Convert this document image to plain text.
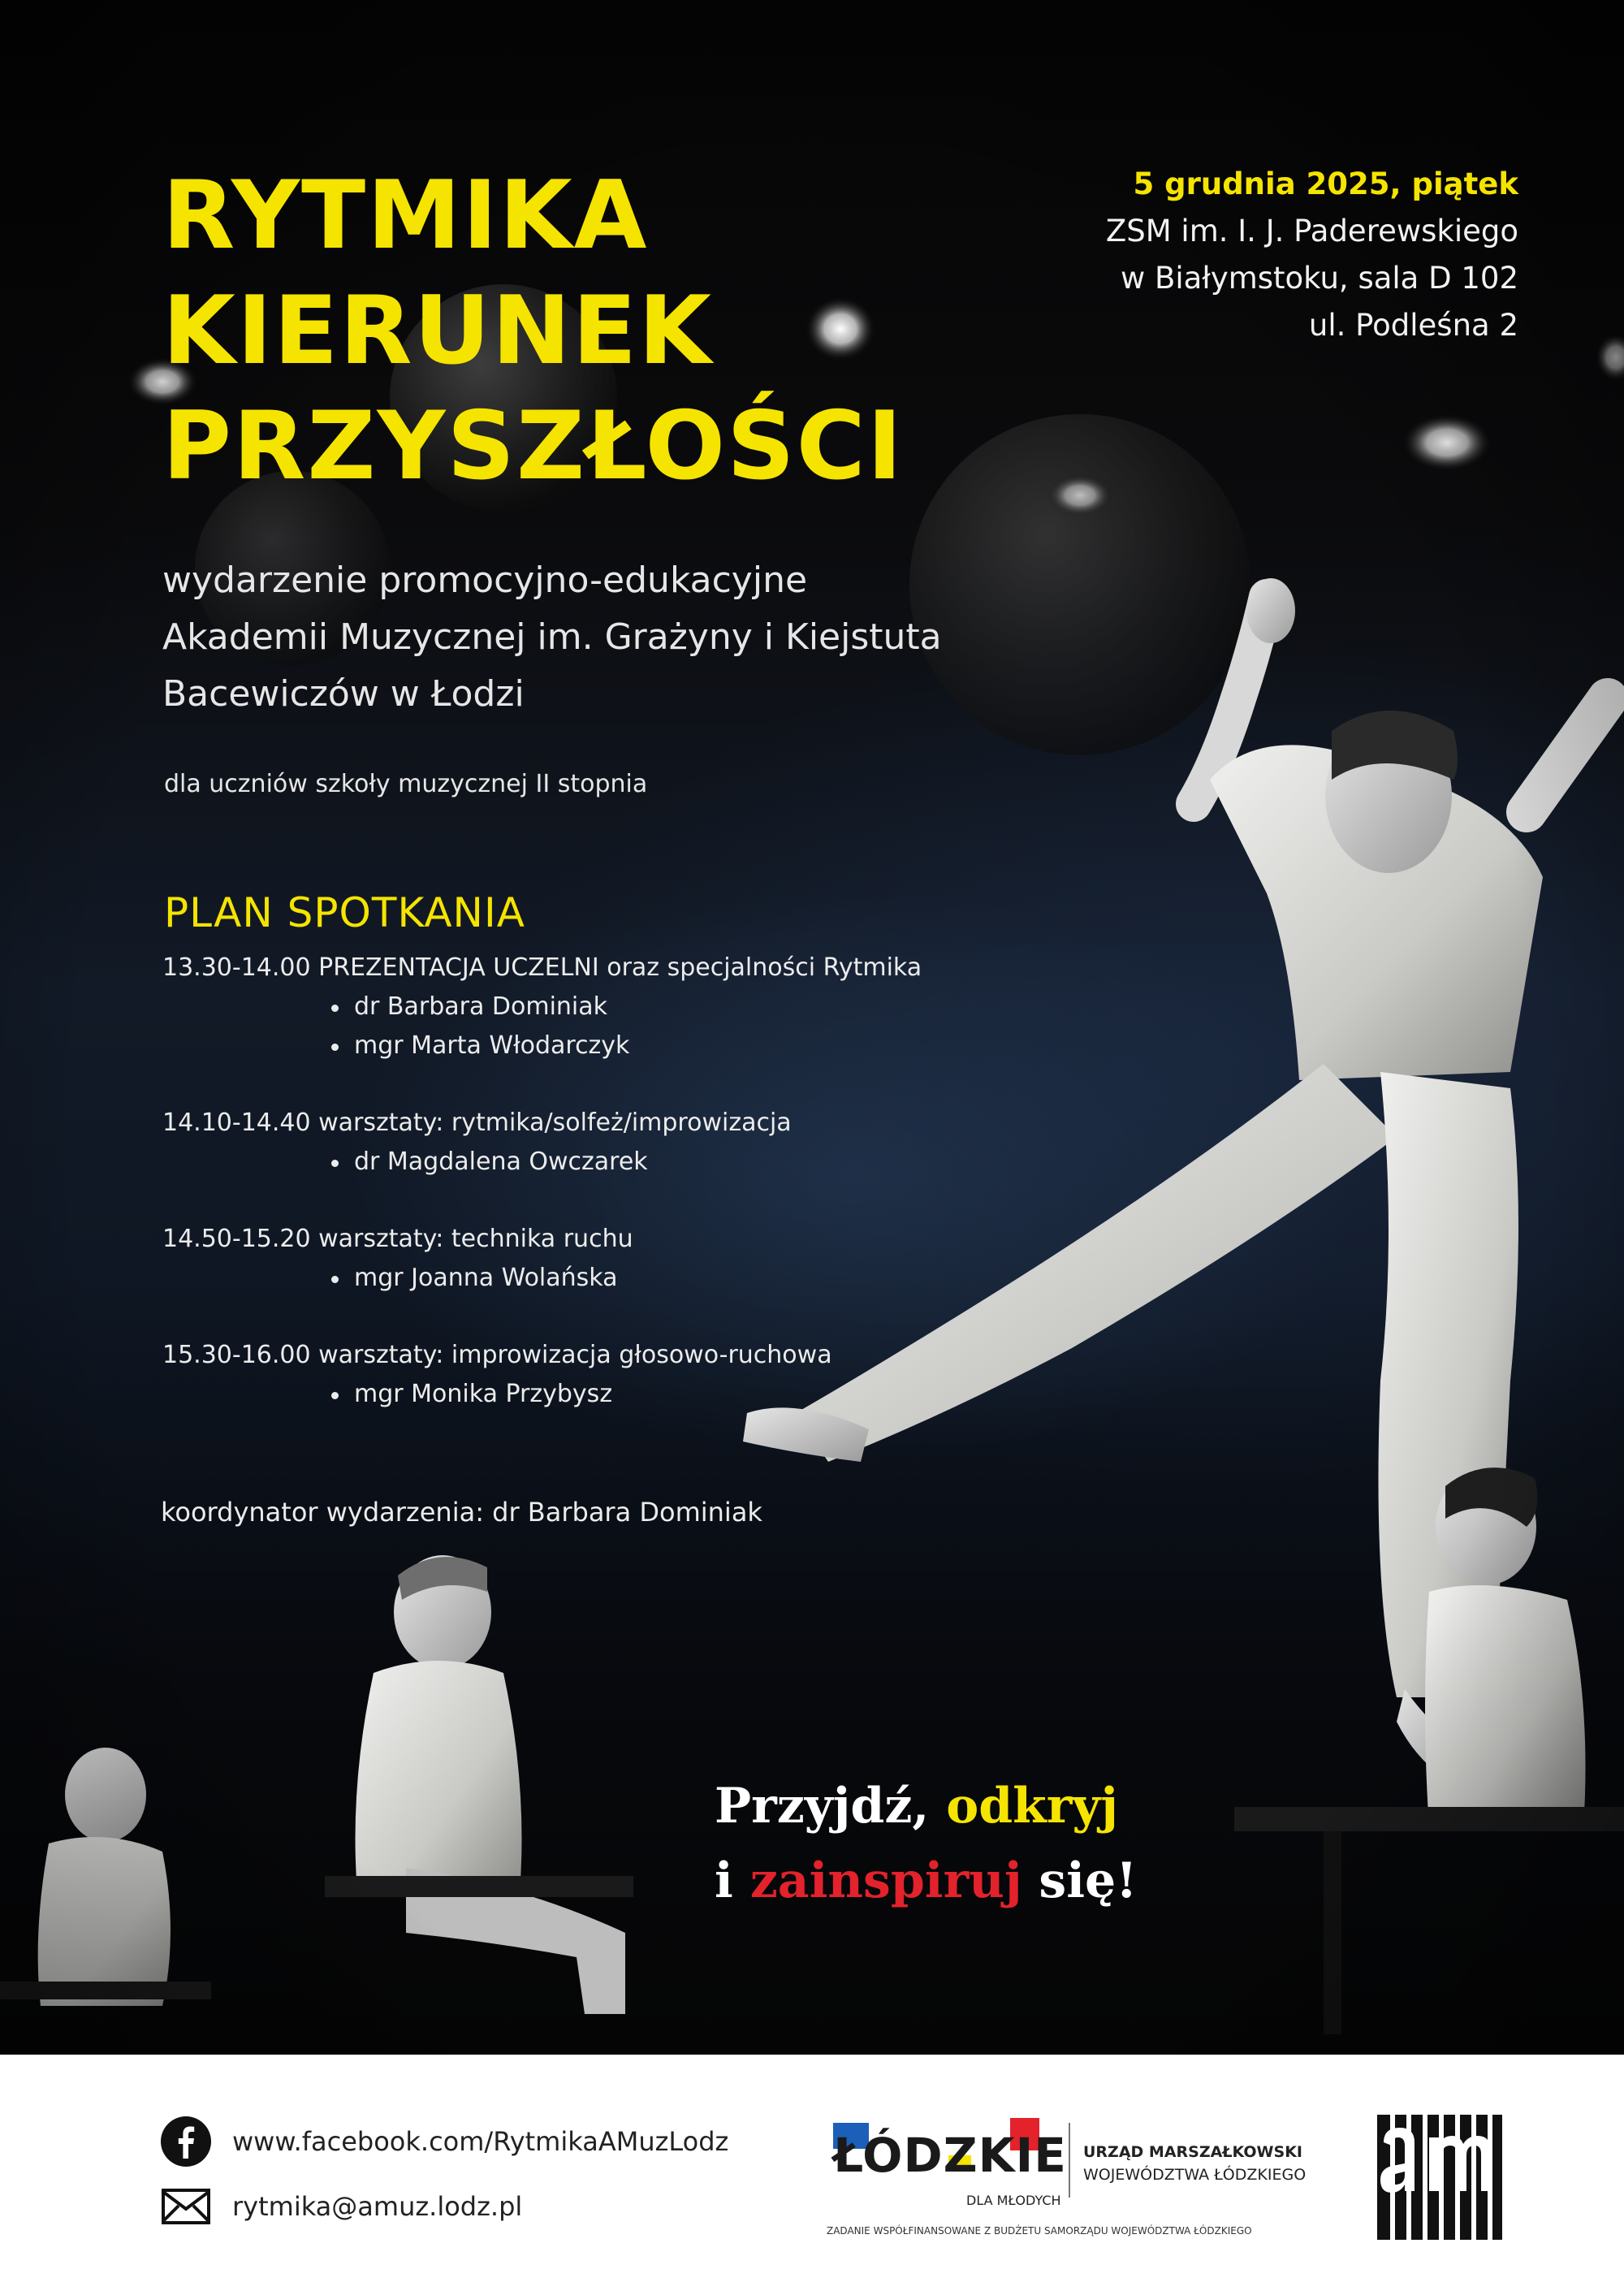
RYTMIKA
KIERUNEK
PRZYSZŁOŚCI
5 grudnia 2025, piątek
ZSM im. I. J. Paderewskiego
w Białymstoku, sala D 102
ul. Podleśna 2
wydarzenie promocyjno-edukacyjne
Akademii Muzycznej im. Grażyny i Kiejstuta
Bacewiczów w Łodzi
dla uczniów szkoły muzycznej II stopnia
PLAN SPOTKANIA
13.30-14.00 PREZENTACJA UCZELNI oraz specjalności Rytmika
dr Barbara Dominiak
mgr Marta Włodarczyk
14.10-14.40 warsztaty: rytmika/solfeż/improwizacja
dr Magdalena Owczarek
14.50-15.20 warsztaty: technika ruchu
mgr Joanna Wolańska
15.30-16.00 warsztaty: improwizacja głosowo-ruchowa
mgr Monika Przybysz
koordynator wydarzenia: dr Barbara Dominiak
Przyjdź, odkryj
i zainspiruj się!
www.facebook.com/RytmikaAMuzLodz
rytmika@amuz.lodz.pl
ŁÓDZKIE
DLA MŁODYCH
URZĄD MARSZAŁKOWSKI
WOJEWÓDZTWA ŁÓDZKIEGO
ZADANIE WSPÓŁFINANSOWANE Z BUDŻETU SAMORZĄDU WOJEWÓDZTWA ŁÓDZKIEGO
